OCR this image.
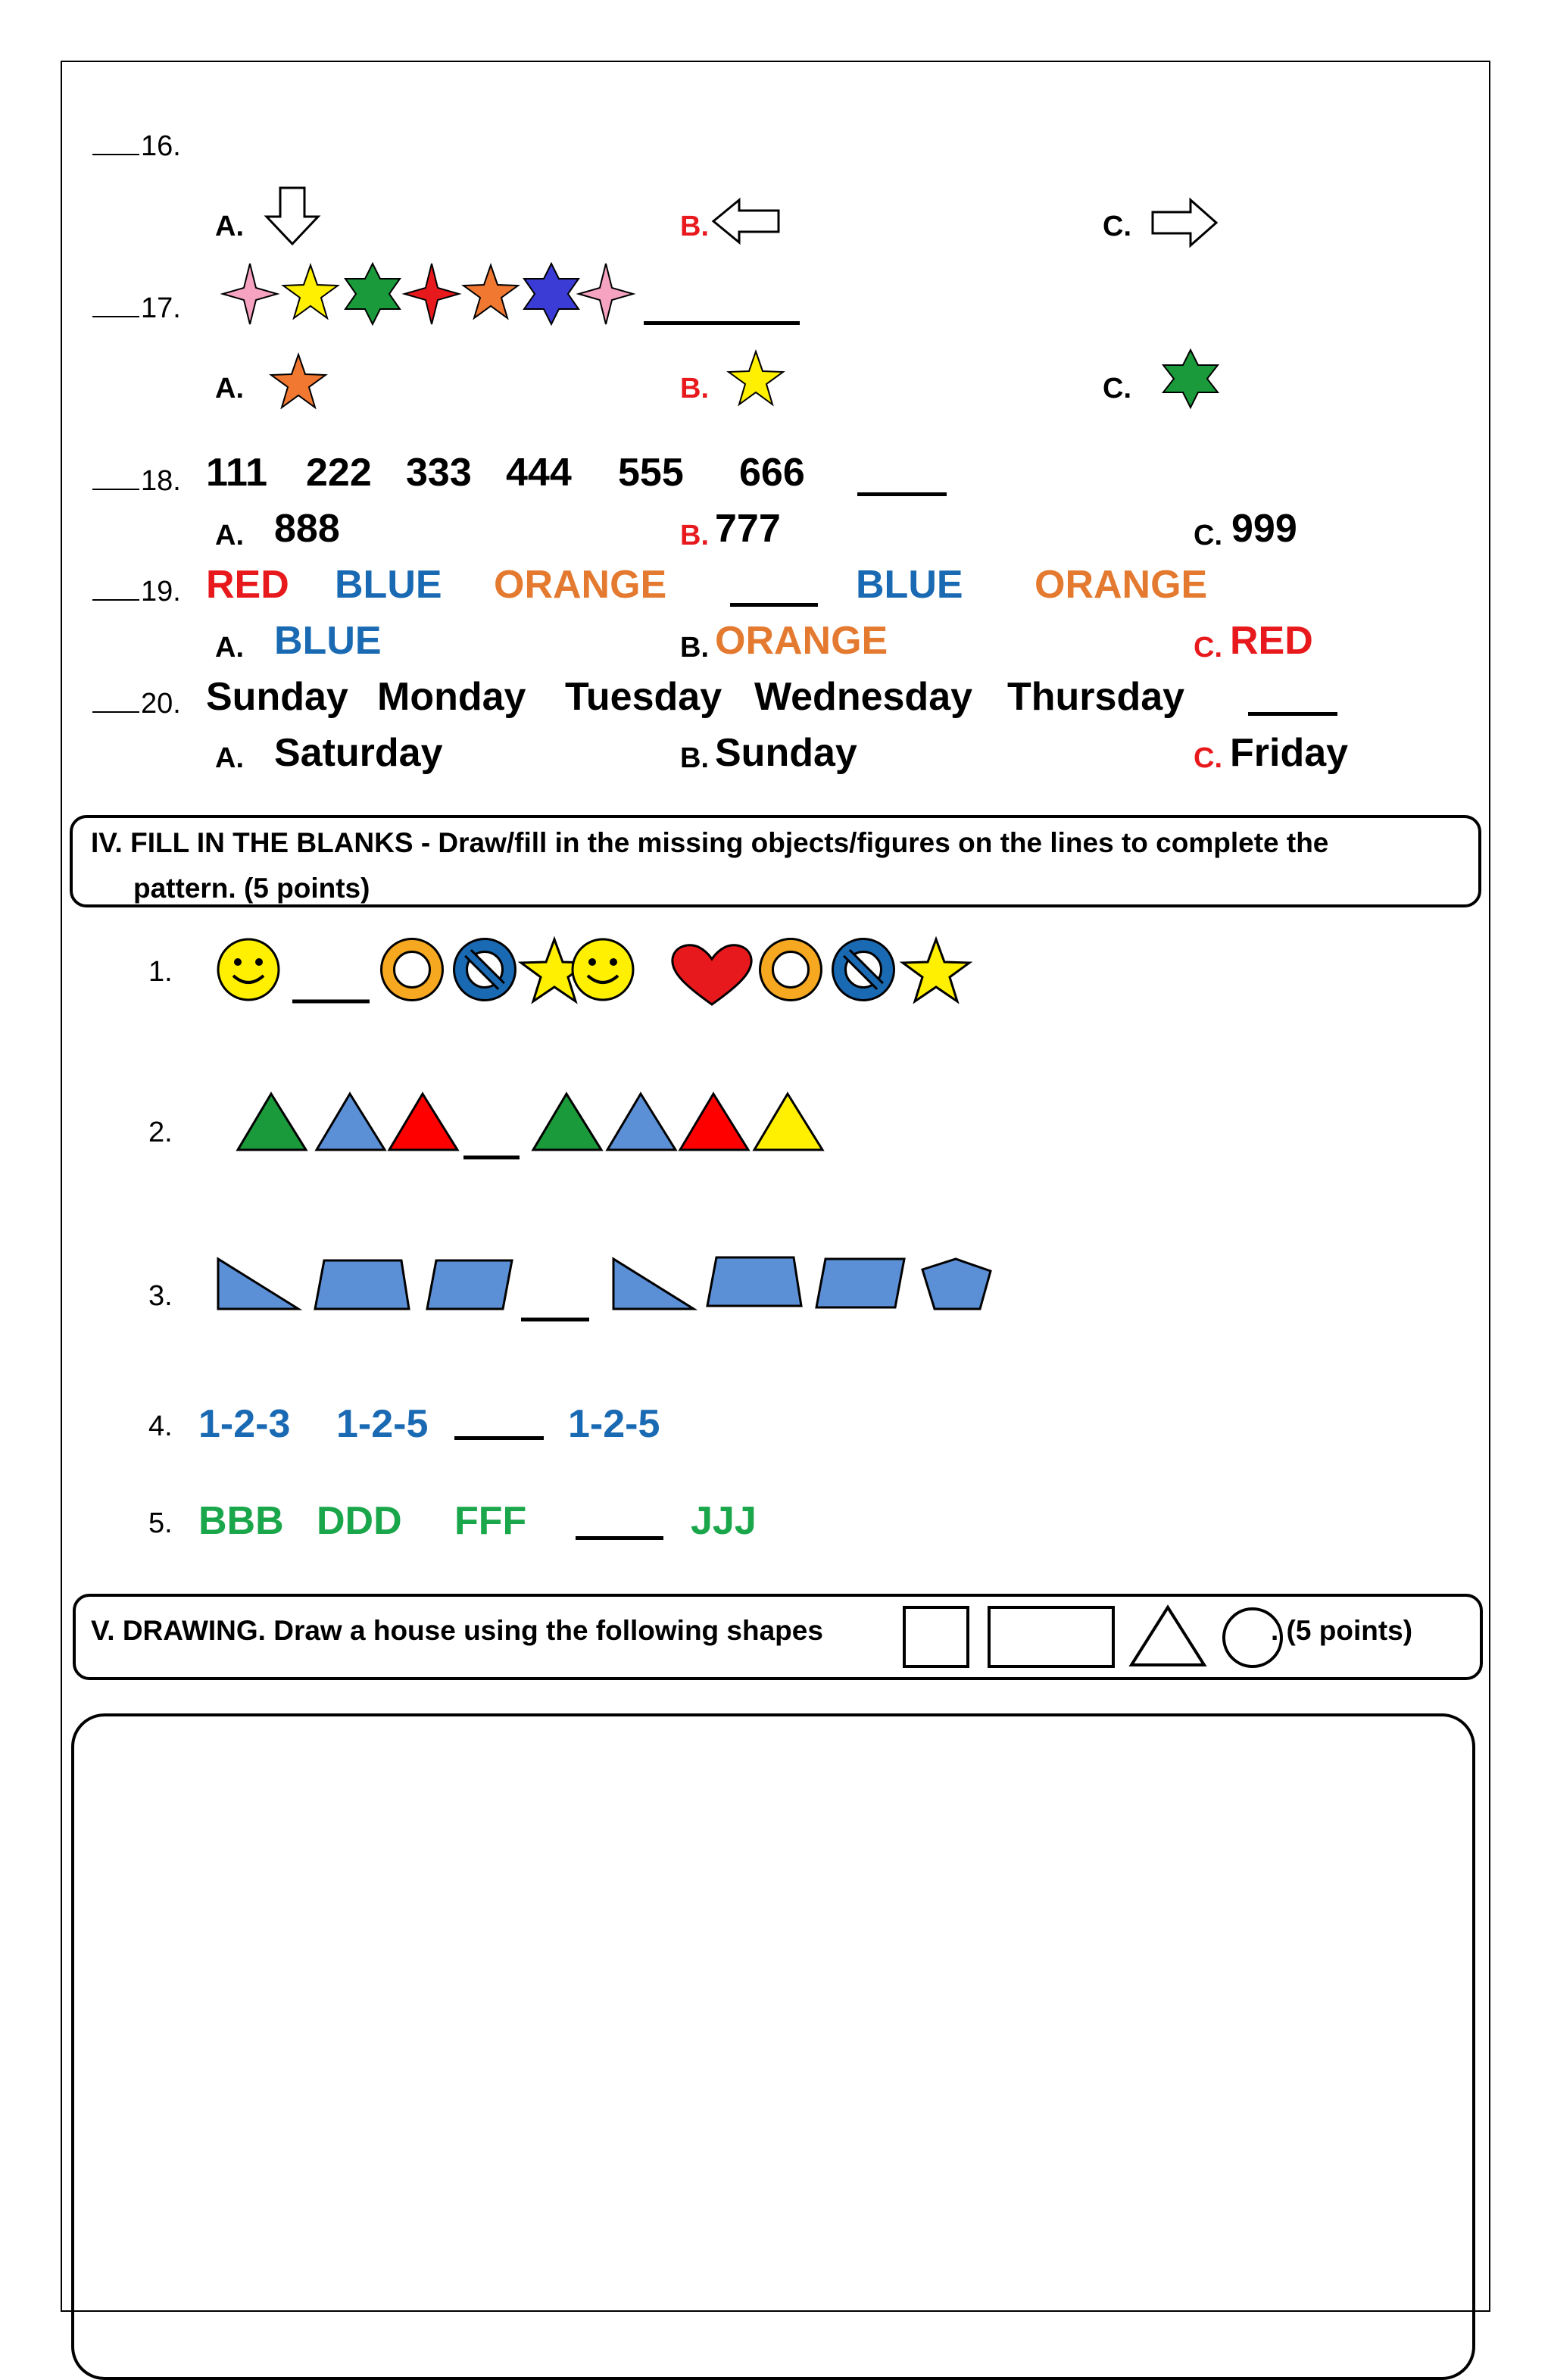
16.
A.	B.	C.
17.
A.	B.	C.
18. 111 222 333 444 555 666
A. 888	B. 777	C. 999
19. RED BLUE ORANGE	BLUE ORANGE
A. BLUE	B. ORANGE	C. RED
20. Sunday Monday Tuesday Wednesday Thursday
A. Saturday	B. Sunday	C. Friday
IV. FILL IN THE BLANKS - Draw/fill in the missing objects/figures on the lines to complete the
pattern. (5 points)
1.
2.
3.
4. 1-2-3 1-2-5	1-2-5
5. BBB DDD FFF	JJJ
V. DRAWING. Draw a house using the following shapes	. (5 points)
